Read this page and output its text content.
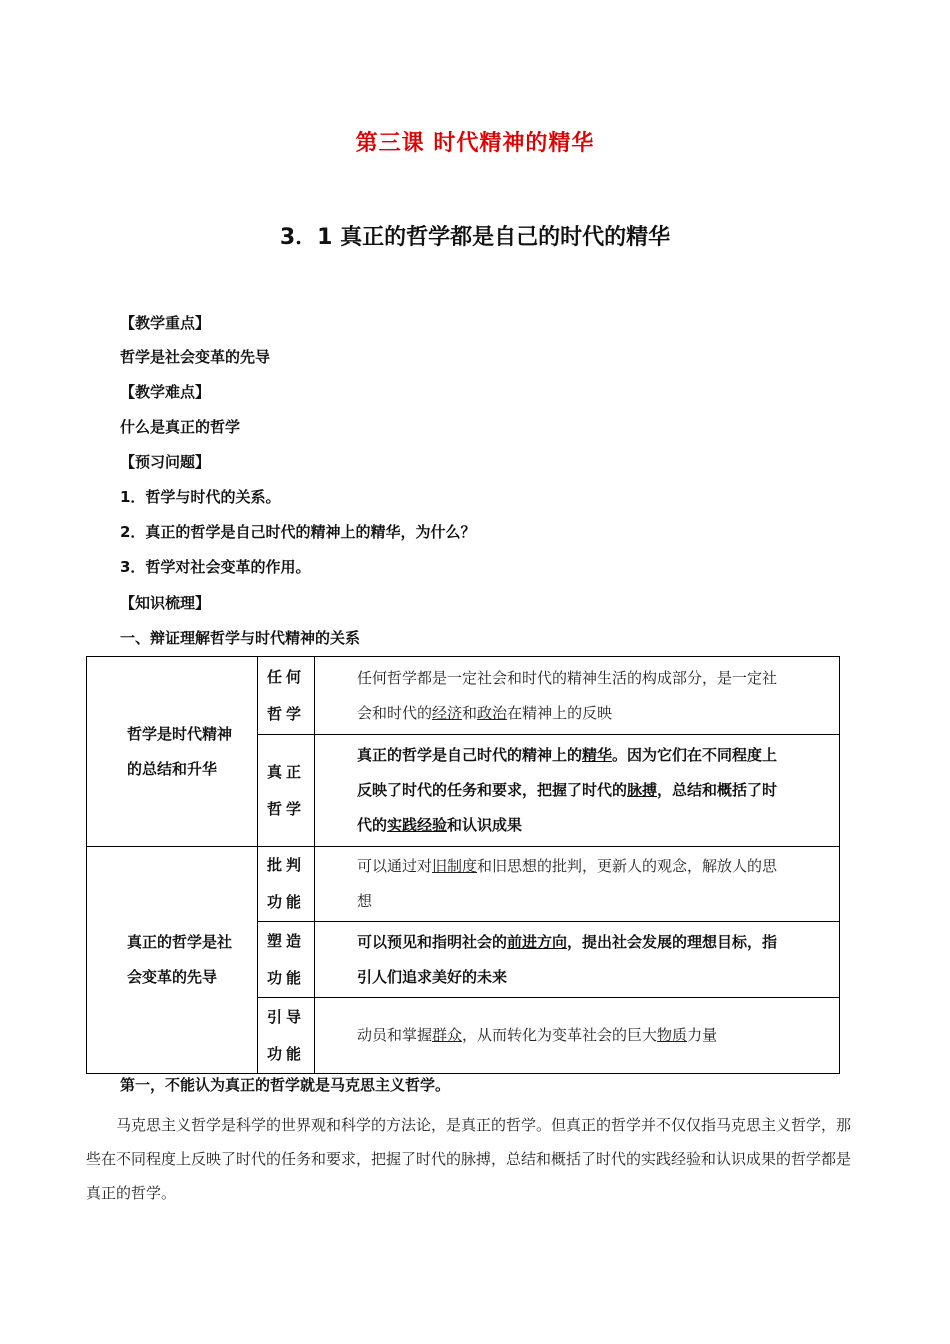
第三课 时代精神的精华
3．1 真正的哲学都是自己的时代的精华
【教学重点】
哲学是社会变革的先导
【教学难点】
什么是真正的哲学
【预习问题】
1．哲学与时代的关系。
2．真正的哲学是自己时代的精神上的精华，为什么？
3．哲学对社会变革的作用。
【知识梳理】
一、辩证理解哲学与时代精神的关系
哲学是时代精神的总结和升华	任何哲学	任何哲学都是一定社会和时代的精神生活的构成部分，是一定社会和时代的经济和政治在精神上的反映
	真正哲学	真正的哲学是自己时代的精神上的精华。因为它们在不同程度上反映了时代的任务和要求，把握了时代的脉搏，总结和概括了时代的实践经验和认识成果
真正的哲学是社会变革的先导	批判功能	可以通过对旧制度和旧思想的批判，更新人的观念，解放人的思想
	塑造功能	可以预见和指明社会的前进方向，提出社会发展的理想目标，指引人们追求美好的未来
	引导功能	动员和掌握群众，从而转化为变革社会的巨大物质力量
第一，不能认为真正的哲学就是马克思主义哲学。
马克思主义哲学是科学的世界观和科学的方法论，是真正的哲学。但真正的哲学并不仅仅指马克思主义哲学，那些在不同程度上反映了时代的任务和要求，把握了时代的脉搏，总结和概括了时代的实践经验和认识成果的哲学都是真正的哲学。
